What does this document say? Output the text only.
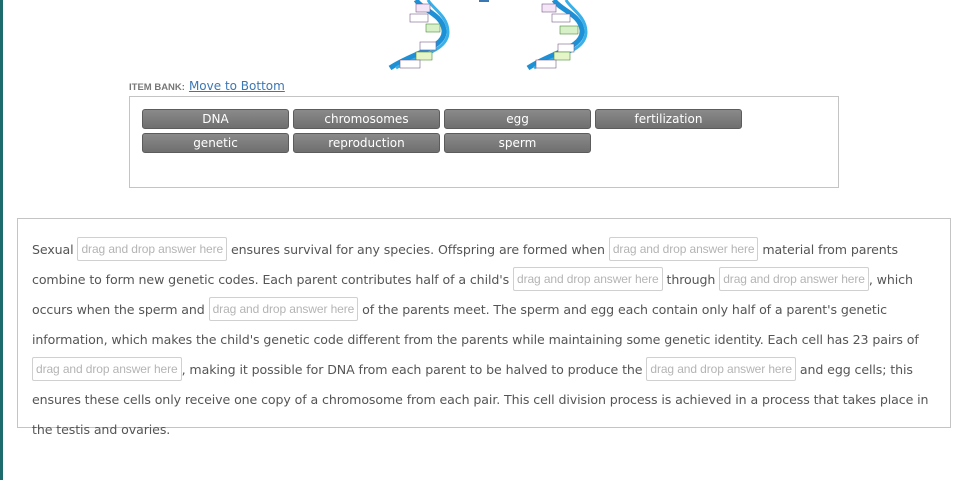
ITEM BANK: Move to Bottom
DNA	chromosomes	egg	fertilization
genetic	reproduction	sperm

Sexual drag and drop answer here ensures survival for any species. Offspring are formed when drag and drop answer here material from parents combine to form new genetic codes. Each parent contributes half of a child's drag and drop answer here through drag and drop answer here , which occurs when the sperm and drag and drop answer here of the parents meet. The sperm and egg each contain only half of a parent's genetic information, which makes the child's genetic code different from the parents while maintaining some genetic identity. Each cell has 23 pairs of drag and drop answer here , making it possible for DNA from each parent to be halved to produce the drag and drop answer here and egg cells; this ensures these cells only receive one copy of a chromosome from each pair. This cell division process is achieved in a process that takes place in the testis and ovaries.
